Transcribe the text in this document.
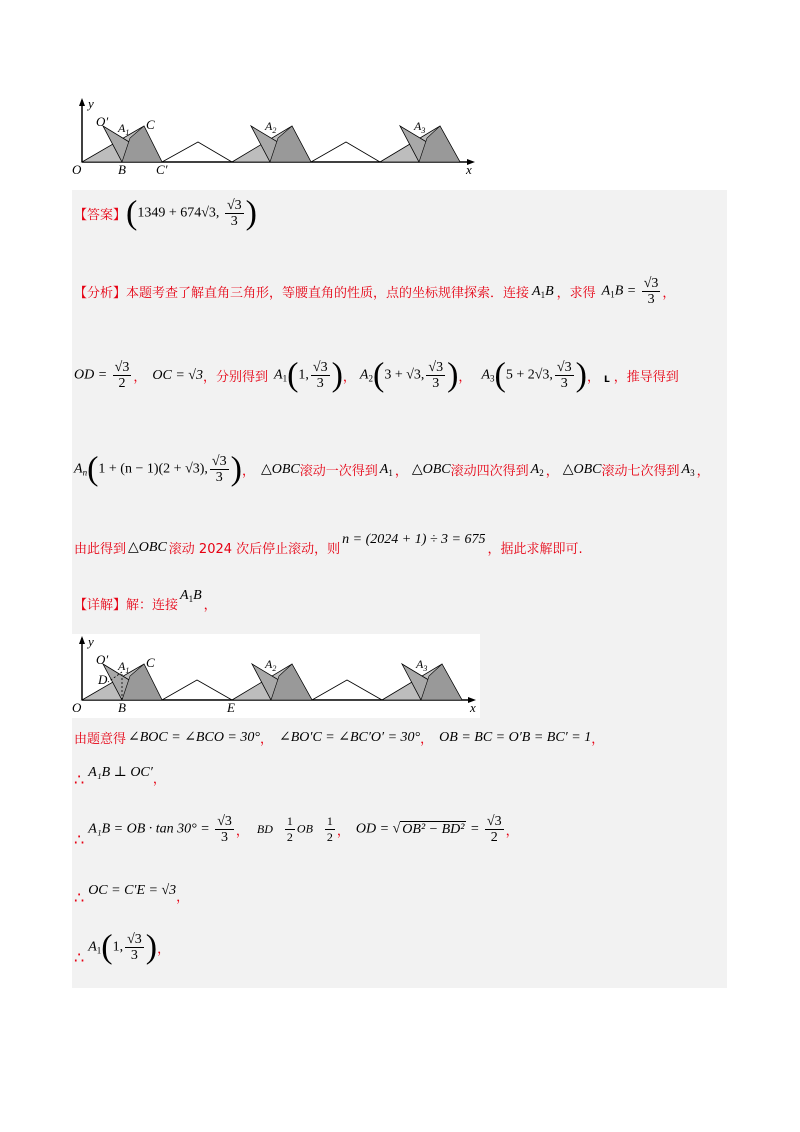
y
O′ $A_1$
C
O	B C′
$A_2$	$A_3$
x
【答案】 (1349 + 674√3, $\frac{√3}{3}$ )
【分析】 本题考查了解直角三角形，等腰直角的性质，点的坐标规律探索．连接 $A_1B$ ，求得 $A_1B = \frac{√3}{3}$ ，
OD = $\frac{√3}{2}$ ， OC = √3 ， 分别得到 $A_1(1$, $\frac{√3}{3}$ ) ， $A_2(3 + √3$, $\frac{√3}{3}$ ) ， $A_3(5 + 2√3$, $\frac{√3}{3}$ ) ， L ， 推导得到
$A_n(1 + (n - 1)(2 + √3)$, $\frac{√3}{3}$ ) ， △OBC 滚动一次得到 $A_1$ ， △OBC 滚动四次得到 $A_2$ ， △OBC 滚动七次得到 $A_3$ ，
由此得到 △OBC 滚动 2024 次后停止滚动，则
n = (2024 + 1) ÷ 3 = 675
，据此求解即可.
【详解】 解：连接
$A_1B$
，
y
O′ $A_1$
C
D
O	B	E
$A_2$	$A_3$
x
由题意得 ∠BOC = ∠BCO = 30° ， ∠BO′C = ∠BC′O′ = 30° ， OB = BC = O′B = BC′ = 1 ，
∴ A₁B ⊥ OC′ ，
∴
A₁B = OB · $\tan 30^\circ = \frac{√3}{3}$ ， BD $\frac{1}{2}$ OB $\frac{1}{2}$ ， OD = √ $OB^2 - BD^2 = \frac{√3}{2}$ ，
∴ OC = C′E = √3 ，
∴
$A_1(1$, $\frac{√3}{3}$ ) ，
